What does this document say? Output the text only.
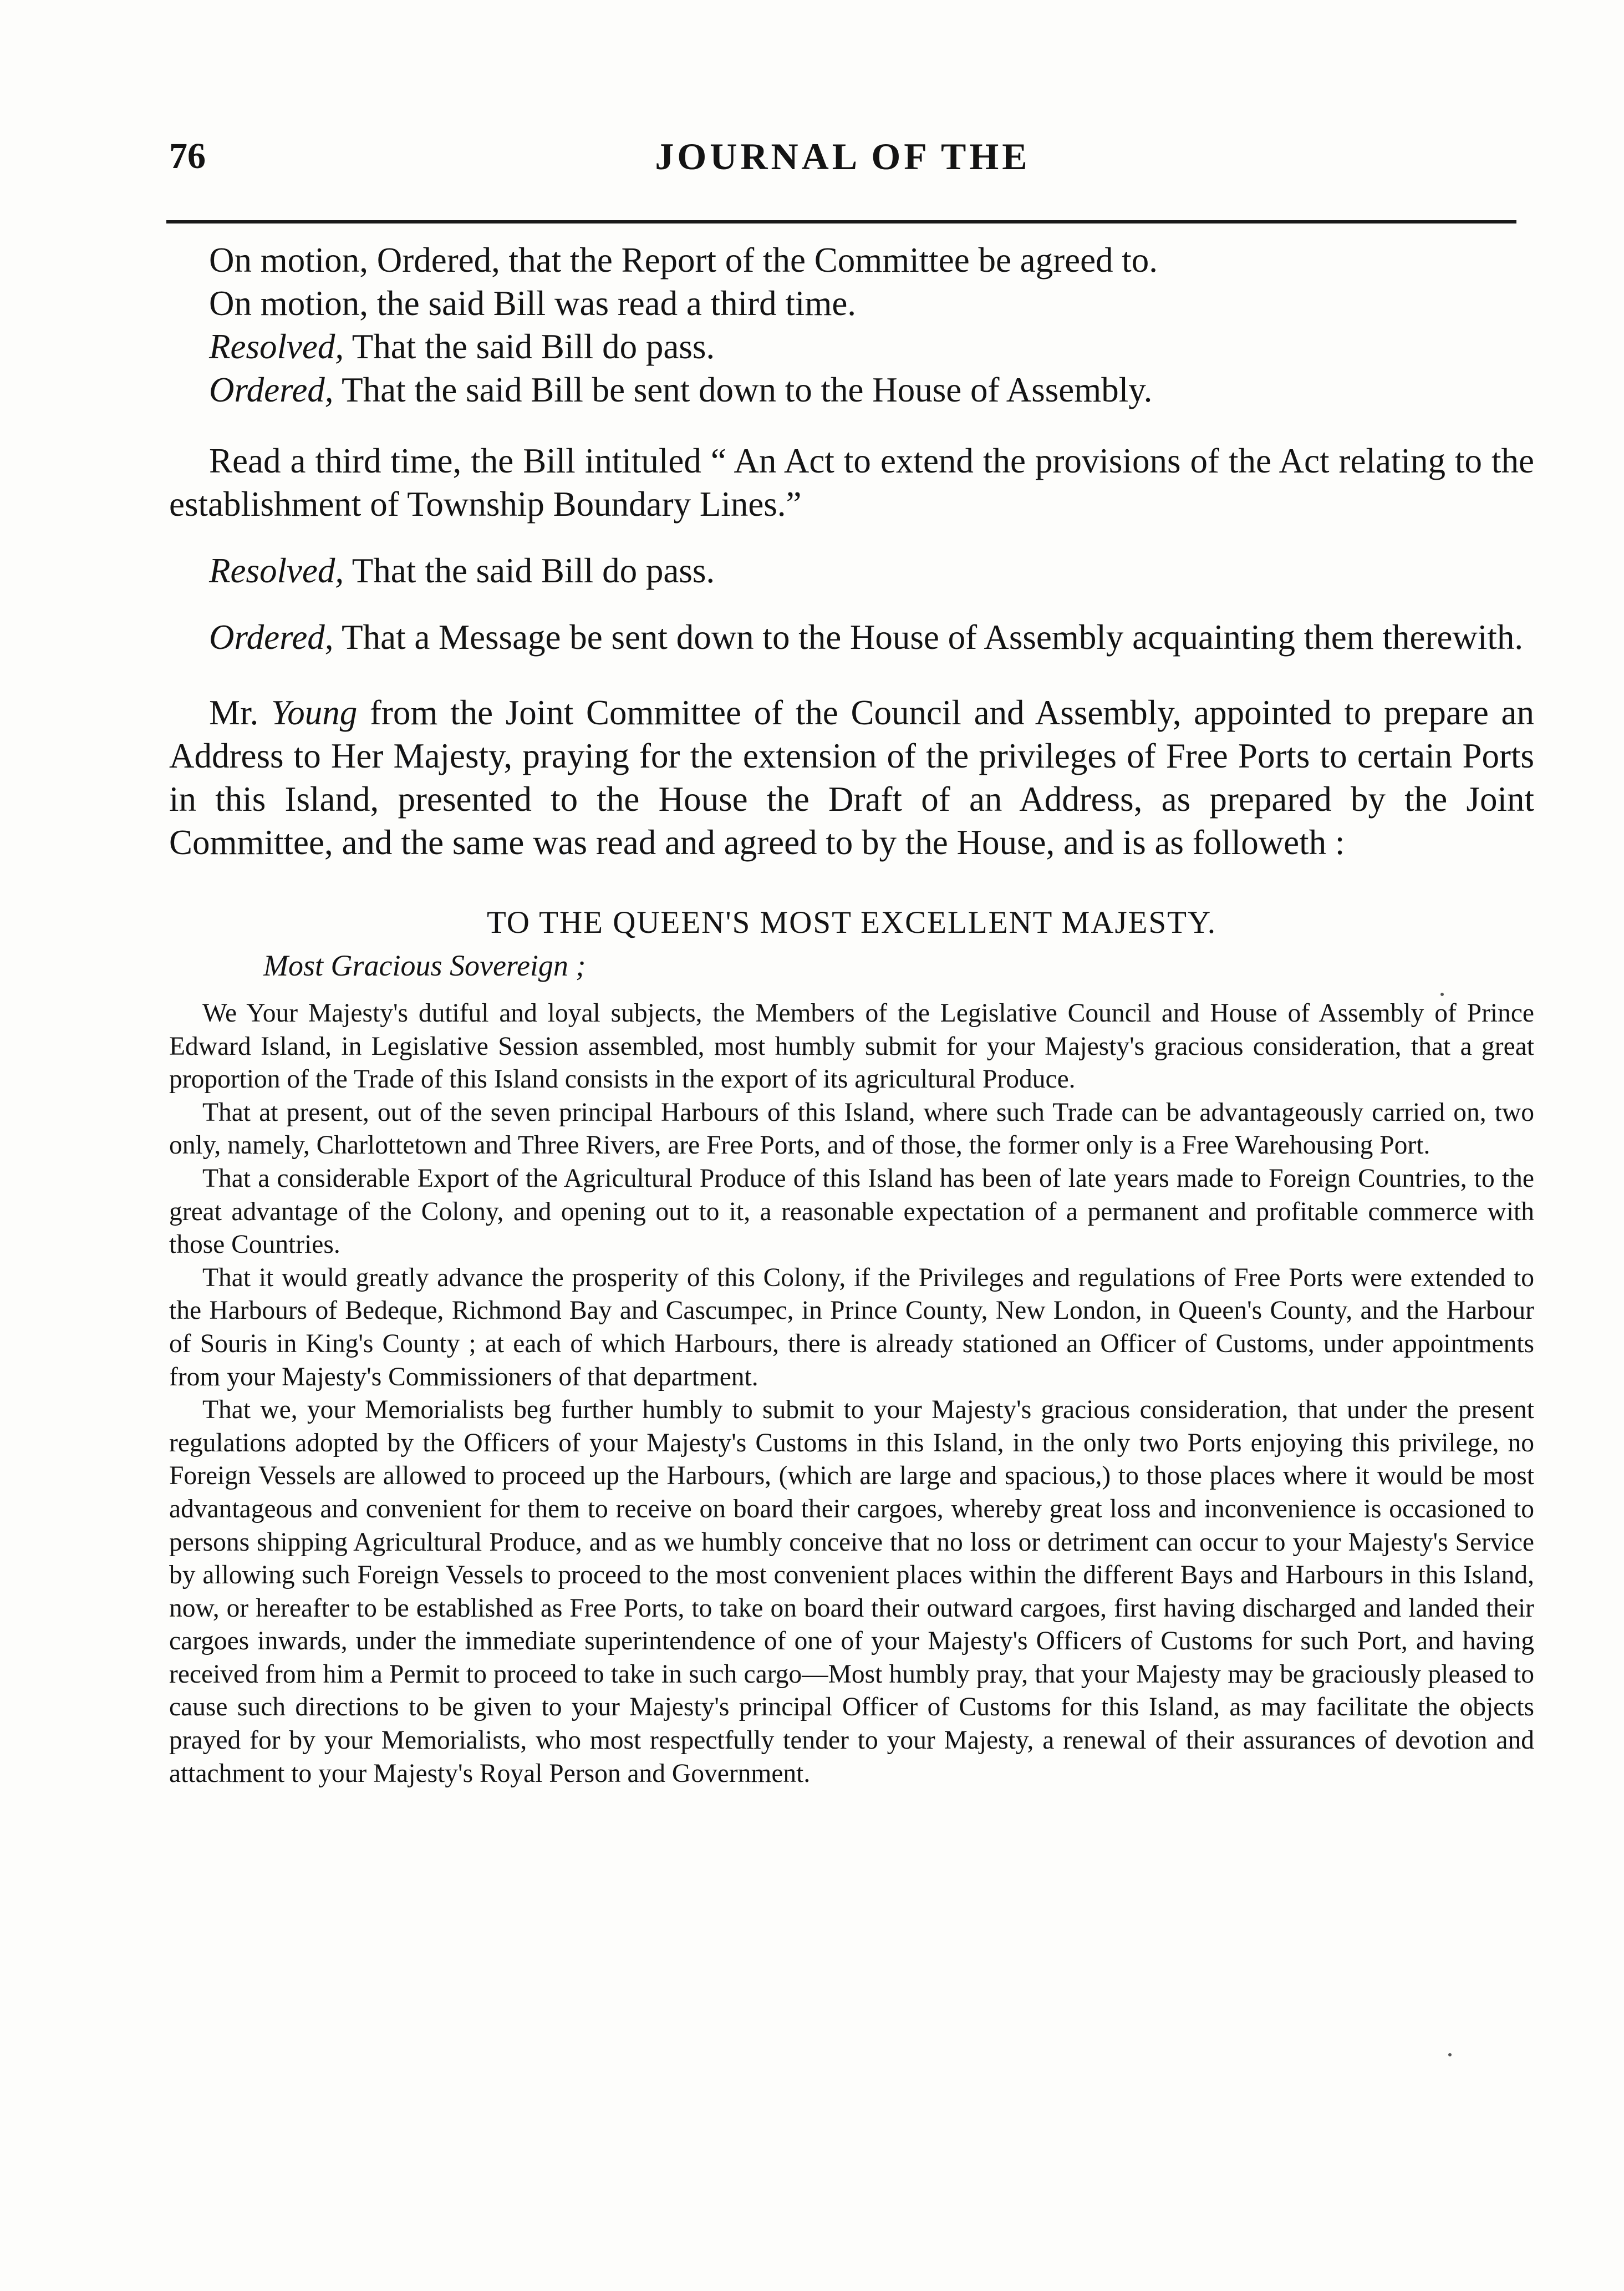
76	JOURNAL OF THE

On motion, Ordered, that the Report of the Committee be agreed to.

On motion, the said Bill was read a third time.

Resolved, That the said Bill do pass.

Ordered, That the said Bill be sent down to the House of Assembly.

Read a third time, the Bill intituled “ An Act to extend the provisions of the Act relating to the establishment of Township Boundary Lines.”

Resolved, That the said Bill do pass.

Ordered, That a Message be sent down to the House of Assembly acquainting them therewith.

Mr. Young from the Joint Committee of the Council and Assembly, appointed to prepare an Address to Her Majesty, praying for the extension of the privileges of Free Ports to certain Ports in this Island, presented to the House the Draft of an Address, as prepared by the Joint Committee, and the same was read and agreed to by the House, and is as followeth :

TO THE QUEEN'S MOST EXCELLENT MAJESTY.
Most Gracious Sovereign ;

We Your Majesty's dutiful and loyal subjects, the Members of the Legislative Council and House of Assembly of Prince Edward Island, in Legislative Session assembled, most humbly submit for your Majesty's gracious consideration, that a great proportion of the Trade of this Island consists in the export of its agricultural Produce.

That at present, out of the seven principal Harbours of this Island, where such Trade can be advantageously carried on, two only, namely, Charlottetown and Three Rivers, are Free Ports, and of those, the former only is a Free Warehousing Port.

That a considerable Export of the Agricultural Produce of this Island has been of late years made to Foreign Countries, to the great advantage of the Colony, and opening out to it, a reasonable expectation of a permanent and profitable commerce with those Countries.

That it would greatly advance the prosperity of this Colony, if the Privileges and regulations of Free Ports were extended to the Harbours of Bedeque, Richmond Bay and Cascumpec, in Prince County, New London, in Queen's County, and the Harbour of Souris in King's County ; at each of which Harbours, there is already stationed an Officer of Customs, under appointments from your Majesty's Commissioners of that department.

That we, your Memorialists beg further humbly to submit to your Majesty's gracious consideration, that under the present regulations adopted by the Officers of your Majesty's Customs in this Island, in the only two Ports enjoying this privilege, no Foreign Vessels are allowed to proceed up the Harbours, (which are large and spacious,) to those places where it would be most advantageous and convenient for them to receive on board their cargoes, whereby great loss and inconvenience is occasioned to persons shipping Agricultural Produce, and as we humbly conceive that no loss or detriment can occur to your Majesty's Service by allowing such Foreign Vessels to proceed to the most convenient places within the different Bays and Harbours in this Island, now, or hereafter to be established as Free Ports, to take on board their outward cargoes, first having discharged and landed their cargoes inwards, under the immediate superintendence of one of your Majesty's Officers of Customs for such Port, and having received from him a Permit to proceed to take in such cargo—Most humbly pray, that your Majesty may be graciously pleased to cause such directions to be given to your Majesty's principal Officer of Customs for this Island, as may facilitate the objects prayed for by your Memorialists, who most respectfully tender to your Majesty, a renewal of their assurances of devotion and attachment to your Majesty's Royal Person and Government.
